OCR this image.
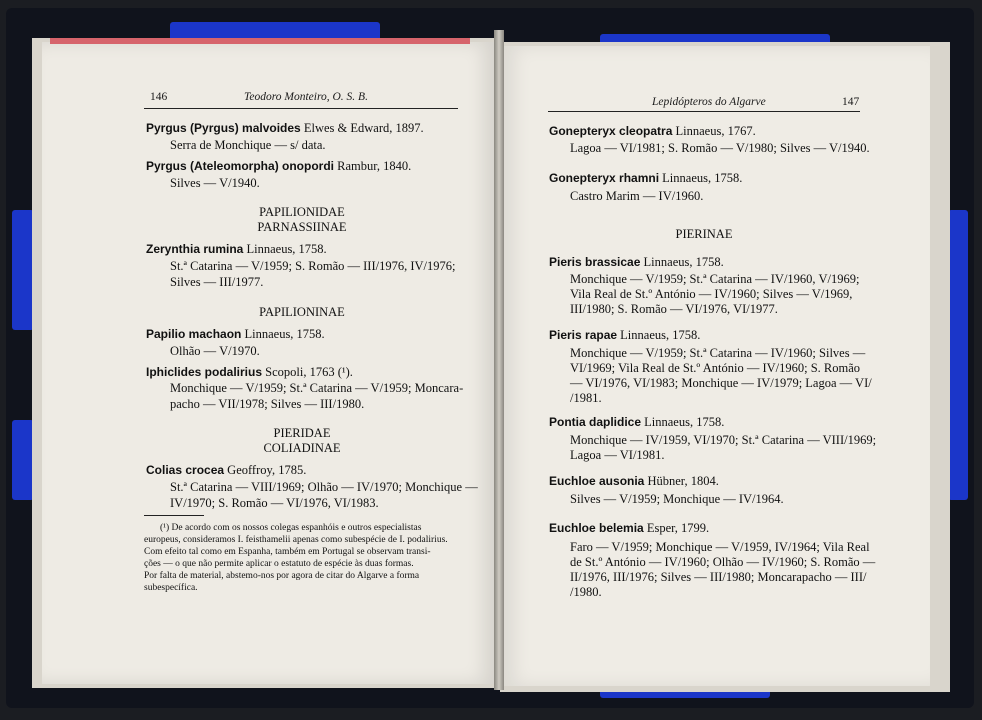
146	Teodoro Monteiro, O. S. B.
Pyrgus (Pyrgus) malvoides Elwes & Edward, 1897.
Serra de Monchique — s/ data.
Pyrgus (Ateleomorpha) onopordi Rambur, 1840.
Silves — V/1940.
PAPILIONIDAE
PARNASSIINAE
Zerynthia rumina Linnaeus, 1758.
St.ª Catarina — V/1959; S. Romão — III/1976, IV/1976;
Silves — III/1977.
PAPILIONINAE
Papilio machaon Linnaeus, 1758.
Olhão — V/1970.
Iphiclides podalirius Scopoli, 1763 (¹).
Monchique — V/1959; St.ª Catarina — V/1959; Moncara-
pacho — VII/1978; Silves — III/1980.
PIERIDAE
COLIADINAE
Colias crocea Geoffroy, 1785.
St.ª Catarina — VIII/1969; Olhão — IV/1970; Monchique —
IV/1970; S. Romão — VI/1976, VI/1983.
(¹) De acordo com os nossos colegas espanhóis e outros especialistas
europeus, consideramos I. feisthamelii apenas como subespécie de I. podalirius.
Com efeito tal como em Espanha, também em Portugal se observam transi-
ções — o que não permite aplicar o estatuto de espécie às duas formas.
Por falta de material, abstemo-nos por agora de citar do Algarve a forma
subespecífica.
Lepidópteros do Algarve	147
Gonepteryx cleopatra Linnaeus, 1767.
Lagoa — VI/1981; S. Romão — V/1980; Silves — V/1940.
Gonepteryx rhamni Linnaeus, 1758.
Castro Marim — IV/1960.
PIERINAE
Pieris brassicae Linnaeus, 1758.
Monchique — V/1959; St.ª Catarina — IV/1960, V/1969;
Vila Real de St.º António — IV/1960; Silves — V/1969,
III/1980; S. Romão — VI/1976, VI/1977.
Pieris rapae Linnaeus, 1758.
Monchique — V/1959; St.ª Catarina — IV/1960; Silves —
VI/1969; Vila Real de St.º António — IV/1960; S. Romão
— VI/1976, VI/1983; Monchique — IV/1979; Lagoa — VI/
/1981.
Pontia daplidice Linnaeus, 1758.
Monchique — IV/1959, VI/1970; St.ª Catarina — VIII/1969;
Lagoa — VI/1981.
Euchloe ausonia Hübner, 1804.
Silves — V/1959; Monchique — IV/1964.
Euchloe belemia Esper, 1799.
Faro — V/1959; Monchique — V/1959, IV/1964; Vila Real
de St.º António — IV/1960; Olhão — IV/1960; S. Romão —
II/1976, III/1976; Silves — III/1980; Moncarapacho — III/
/1980.
